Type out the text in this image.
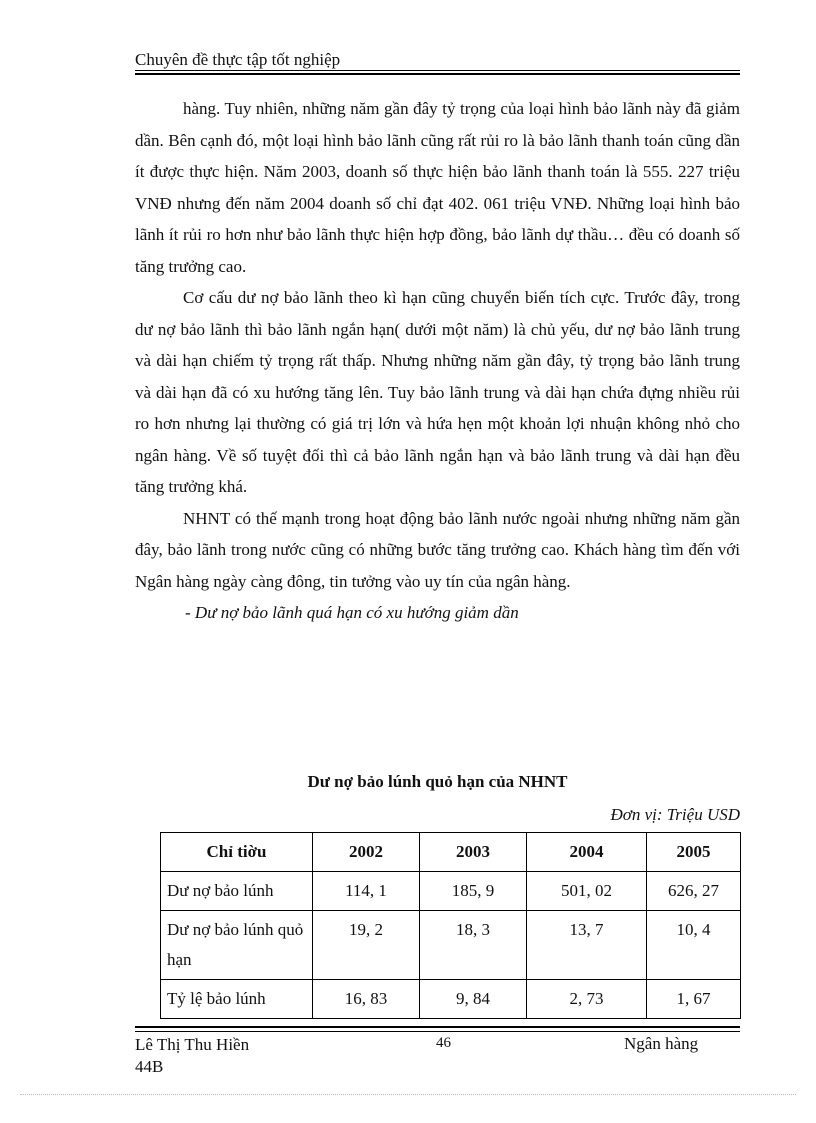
Chuyên đề thực tập tốt nghiệp

hàng. Tuy nhiên, những năm gần đây tỷ trọng của loại hình bảo lãnh này đã giảm dần. Bên cạnh đó, một loại hình bảo lãnh cũng rất rủi ro là bảo lãnh thanh toán cũng dần ít được thực hiện. Năm 2003, doanh số thực hiện bảo lãnh thanh toán là 555. 227 triệu VNĐ nhưng đến năm 2004 doanh số chỉ đạt 402. 061 triệu VNĐ. Những loại hình bảo lãnh ít rủi ro hơn như bảo lãnh thực hiện hợp đồng, bảo lãnh dự thầu… đều có doanh số tăng trưởng cao.

Cơ cấu dư nợ bảo lãnh theo kì hạn cũng chuyển biến tích cực. Trước đây, trong dư nợ bảo lãnh thì bảo lãnh ngắn hạn( dưới một năm) là chủ yếu, dư nợ bảo lãnh trung và dài hạn chiếm tỷ trọng rất thấp. Nhưng những năm gần đây, tỷ trọng bảo lãnh trung và dài hạn đã có xu hướng tăng lên. Tuy bảo lãnh trung và dài hạn chứa đựng nhiều rủi ro hơn nhưng lại thường có giá trị lớn và hứa hẹn một khoản lợi nhuận không nhỏ cho ngân hàng. Về số tuyệt đối thì cả bảo lãnh ngắn hạn và bảo lãnh trung và dài hạn đều tăng trưởng khá.

NHNT có thế mạnh trong hoạt động bảo lãnh nước ngoài nhưng những năm gần đây, bảo lãnh trong nước cũng có những bước tăng trưởng cao. Khách hàng tìm đến với Ngân hàng ngày càng đông, tin tưởng vào uy tín của ngân hàng.

- Dư nợ bảo lãnh quá hạn có xu hướng giảm dần

Dư nợ bảo lúnh quỏ hạn của NHNT
Đơn vị: Triệu USD
Chỉ tiờu	2002	2003	2004	2005
Dư nợ bảo lúnh	114, 1	185, 9	501, 02	626, 27
Dư nợ bảo lúnh quỏ hạn	19, 2	18, 3	13, 7	10, 4
Tỷ lệ bảo lúnh	16, 83	9, 84	2, 73	1, 67
Lê Thị Thu Hiền
44B
46	Ngân hàng
